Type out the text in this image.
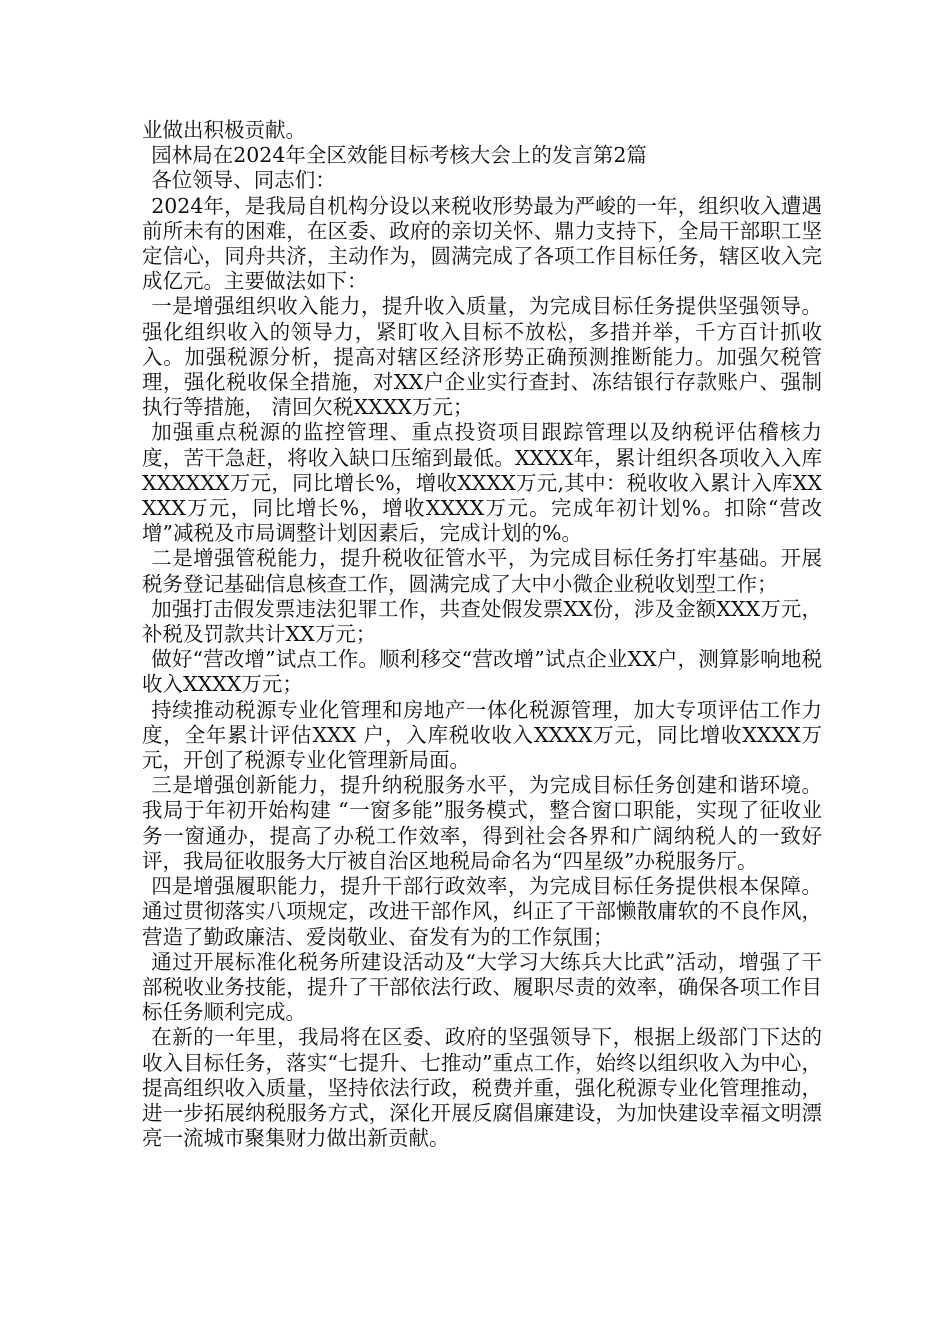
业做出积极贡献。

园林局在2024年全区效能目标考核大会上的发言第2篇

各位领导、同志们：

2024年，是我局自机构分设以来税收形势最为严峻的一年，组织收入遭遇前所未有的困难，在区委、政府的亲切关怀、鼎力支持下，全局干部职工坚定信心，同舟共济，主动作为，圆满完成了各项工作目标任务，辖区收入完成亿元。主要做法如下：

一是增强组织收入能力，提升收入质量，为完成目标任务提供坚强领导。强化组织收入的领导力，紧盯收入目标不放松，多措并举，千方百计抓收入。加强税源分析，提高对辖区经济形势正确预测推断能力。加强欠税管理，强化税收保全措施，对XX户企业实行查封、冻结银行存款账户、强制执行等措施， 清回欠税XXXX万元；

加强重点税源的监控管理、重点投资项目跟踪管理以及纳税评估稽核力度，苦干急赶，将收入缺口压缩到最低。XXXX年，累计组织各项收入入库XXXXXX万元，同比增长%，增收XXXX万元,其中：税收收入累计入库XXXXX万元，同比增长%，增收XXXX万元。完成年初计划%。扣除“营改增”减税及市局调整计划因素后，完成计划的%。

二是增强管税能力，提升税收征管水平，为完成目标任务打牢基础。开展税务登记基础信息核查工作，圆满完成了大中小微企业税收划型工作；

加强打击假发票违法犯罪工作，共查处假发票XX份，涉及金额XXX万元，补税及罚款共计XX万元；

做好“营改增”试点工作。顺利移交“营改增”试点企业XX户，测算影响地税收入XXXX万元；

持续推动税源专业化管理和房地产一体化税源管理，加大专项评估工作力度，全年累计评估XXX 户，入库税收收入XXXX万元，同比增收XXXX万元，开创了税源专业化管理新局面。

三是增强创新能力，提升纳税服务水平，为完成目标任务创建和谐环境。我局于年初开始构建 “一窗多能”服务模式，整合窗口职能，实现了征收业务一窗通办，提高了办税工作效率，得到社会各界和广阔纳税人的一致好评，我局征收服务大厅被自治区地税局命名为“四星级”办税服务厅。

四是增强履职能力，提升干部行政效率，为完成目标任务提供根本保障。通过贯彻落实八项规定，改进干部作风，纠正了干部懒散庸软的不良作风，营造了勤政廉洁、爱岗敬业、奋发有为的工作氛围；

通过开展标准化税务所建设活动及“大学习大练兵大比武”活动，增强了干部税收业务技能，提升了干部依法行政、履职尽责的效率，确保各项工作目标任务顺利完成。

在新的一年里，我局将在区委、政府的坚强领导下，根据上级部门下达的收入目标任务，落实“七提升、七推动”重点工作，始终以组织收入为中心，提高组织收入质量，坚持依法行政，税费并重，强化税源专业化管理推动，进一步拓展纳税服务方式，深化开展反腐倡廉建设，为加快建设幸福文明漂亮一流城市聚集财力做出新贡献。
